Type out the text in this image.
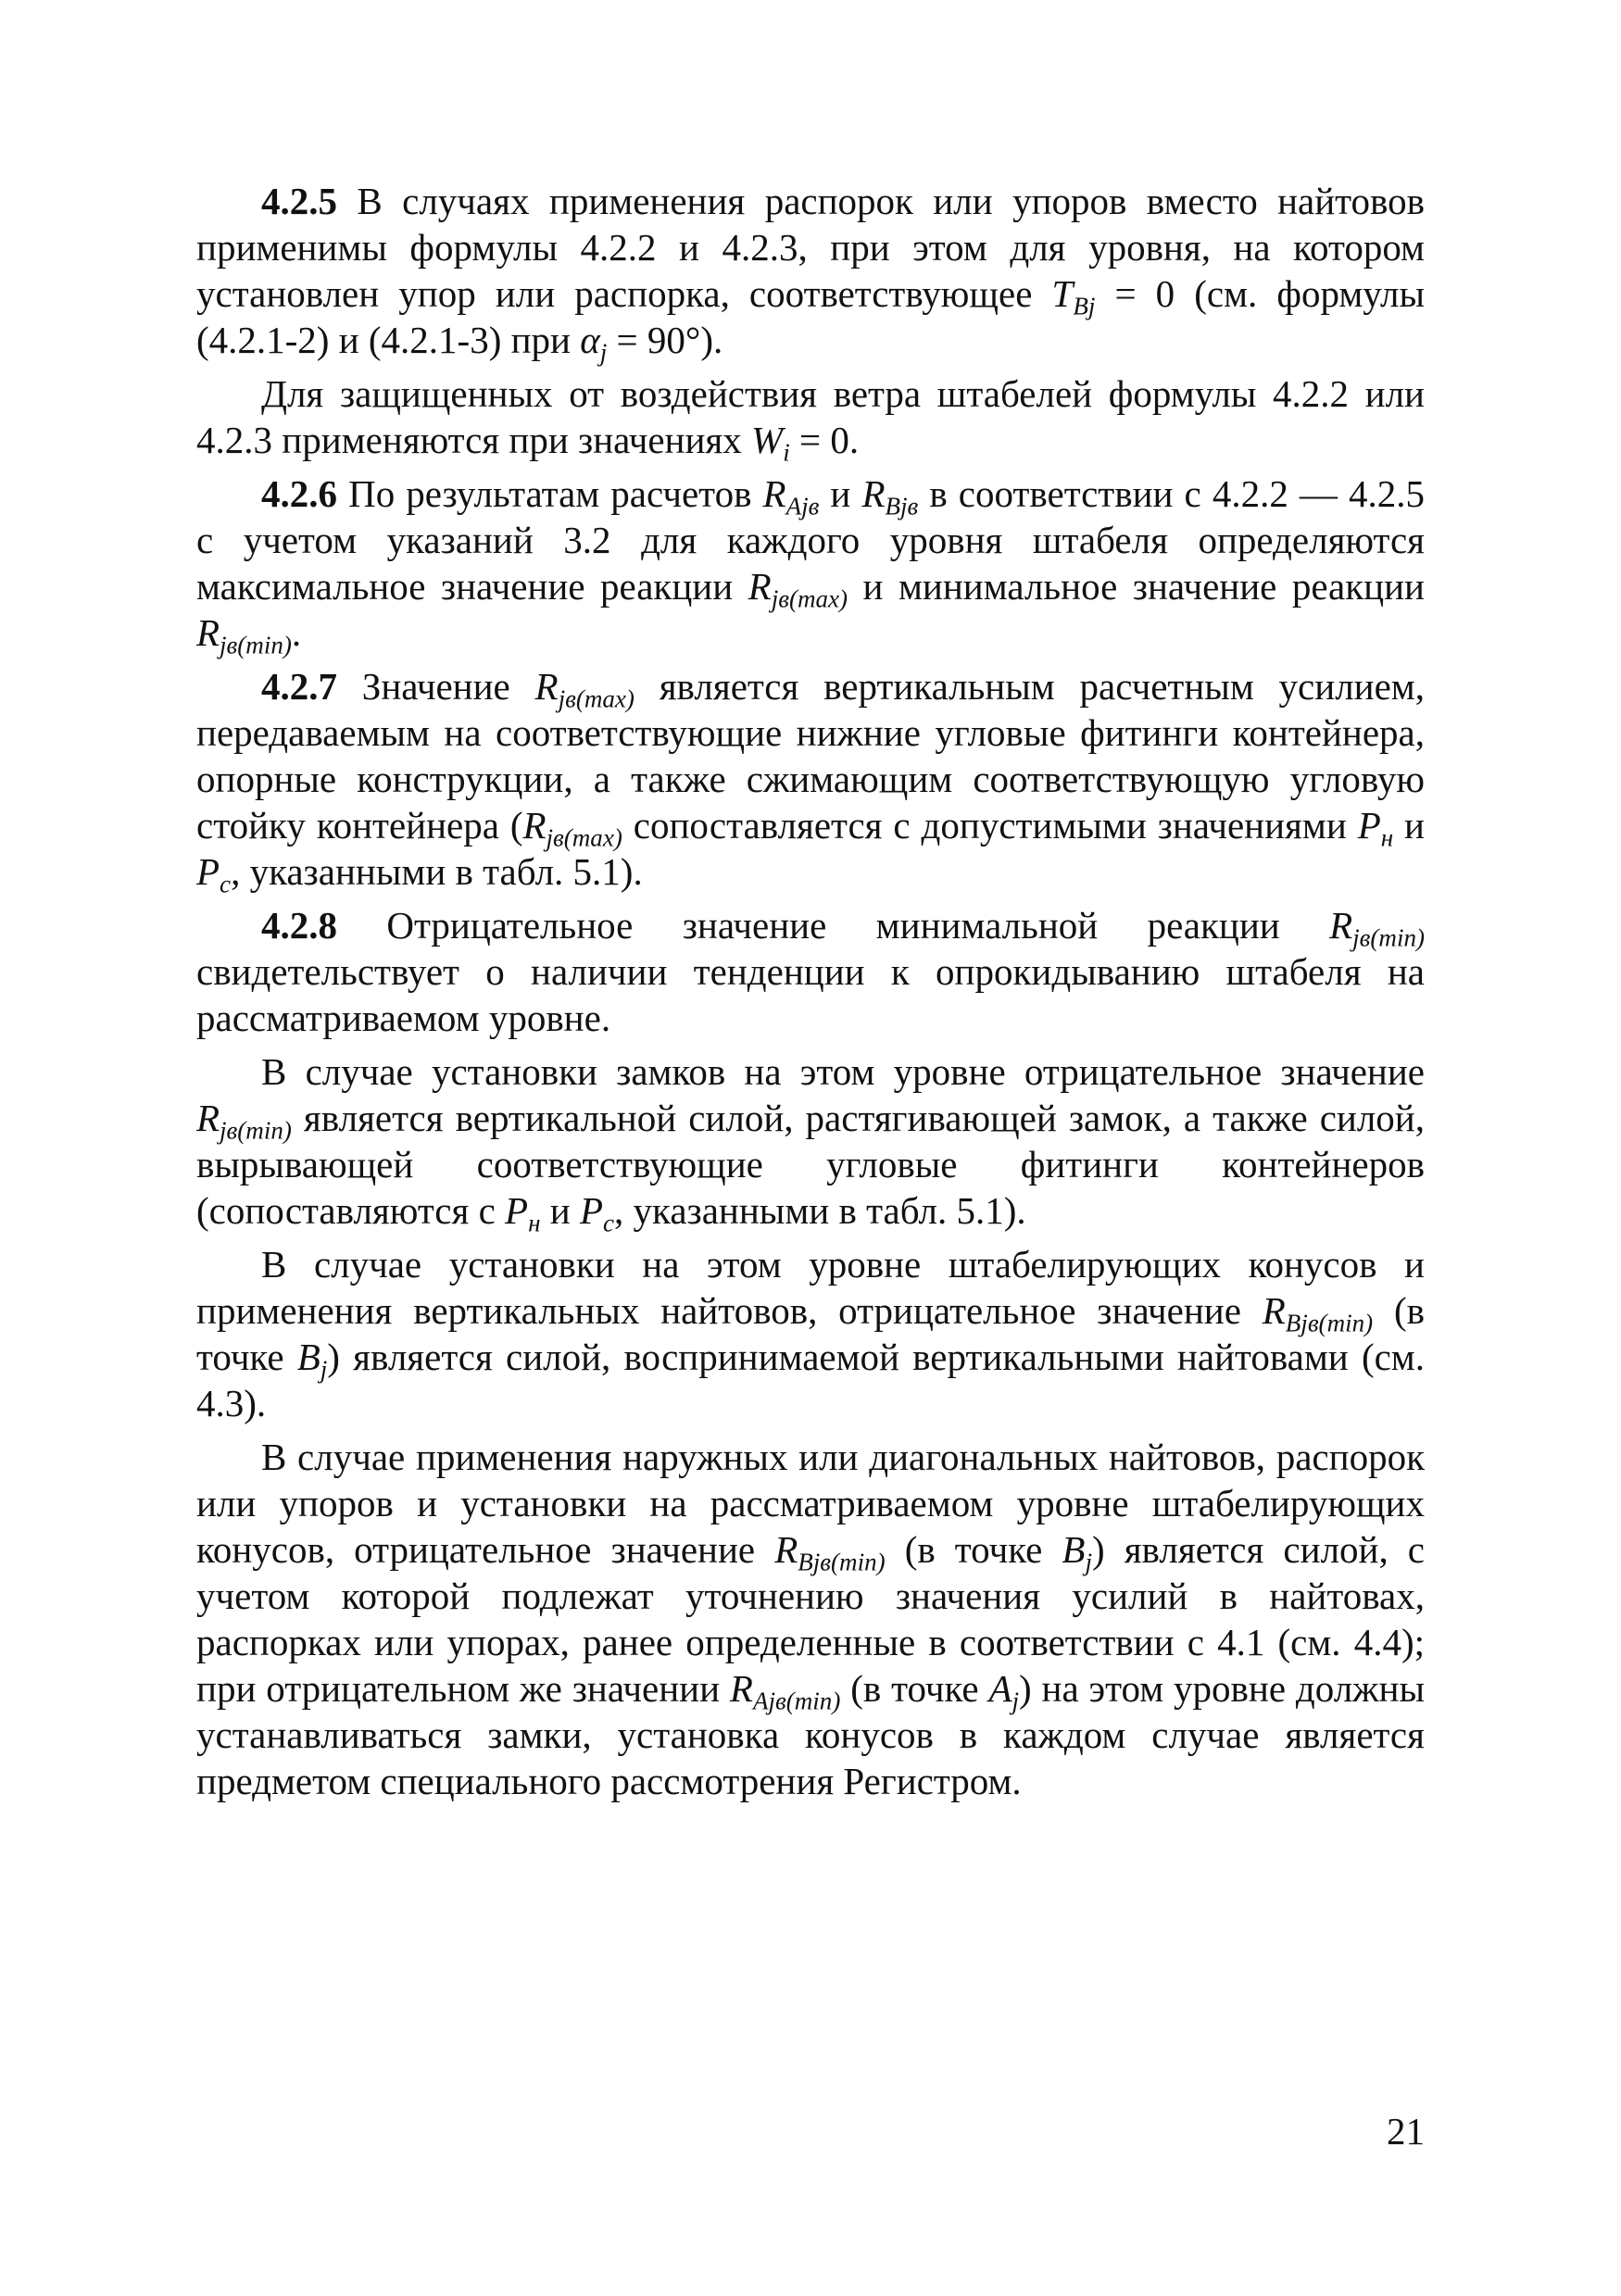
4.2.5 В случаях применения распорок или упоров вместо найтовов применимы формулы 4.2.2 и 4.2.3, при этом для уровня, на котором установлен упор или распорка, соответствующее $T_{Bj} = 0$ (см. формулы (4.2.1-2) и (4.2.1-3) при $\alpha_j = 90^\circ$).

Для защищенных от воздействия ветра штабелей формулы 4.2.2 или 4.2.3 применяются при значениях $W_i = 0$.

4.2.6 По результатам расчетов $R_{Ajв}$ и $R_{Bjв}$ в соответствии с 4.2.2 — 4.2.5 с учетом указаний 3.2 для каждого уровня штабеля определяются максимальное значение реакции $R_{jв(max)}$ и минимальное значение реакции $R_{jв(min)}$.

4.2.7 Значение $R_{jв(max)}$ является вертикальным расчетным усилием, передаваемым на соответствующие нижние угловые фитинги контейнера, опорные конструкции, а также сжимающим соответствующую угловую стойку контейнера ($R_{jв(max)}$ сопоставляется с допустимыми значениями $P_н$ и $P_с$, указанными в табл. 5.1).

4.2.8 Отрицательное значение минимальной реакции $R_{jв(min)}$ свидетельствует о наличии тенденции к опрокидыванию штабеля на рассматриваемом уровне.

В случае установки замков на этом уровне отрицательное значение $R_{jв(min)}$ является вертикальной силой, растягивающей замок, а также силой, вырывающей соответствующие угловые фитинги контейнеров (сопоставляются с $P_н$ и $P_с$, указанными в табл. 5.1).

В случае установки на этом уровне штабелирующих конусов и применения вертикальных найтовов, отрицательное значение $R_{Bjв(min)}$ (в точке $B_j$) является силой, воспринимаемой вертикальными найтовами (см. 4.3).

В случае применения наружных или диагональных найтовов, распорок или упоров и установки на рассматриваемом уровне штабелирующих конусов, отрицательное значение $R_{Bjв(min)}$ (в точке $B_j$) является силой, с учетом которой подлежат уточнению значения усилий в найтовах, распорках или упорах, ранее определенные в соответствии с 4.1 (см. 4.4); при отрицательном же значении $R_{Ajв(min)}$ (в точке $A_j$) на этом уровне должны устанавливаться замки, установка конусов в каждом случае является предметом специального рассмотрения Регистром.

21
